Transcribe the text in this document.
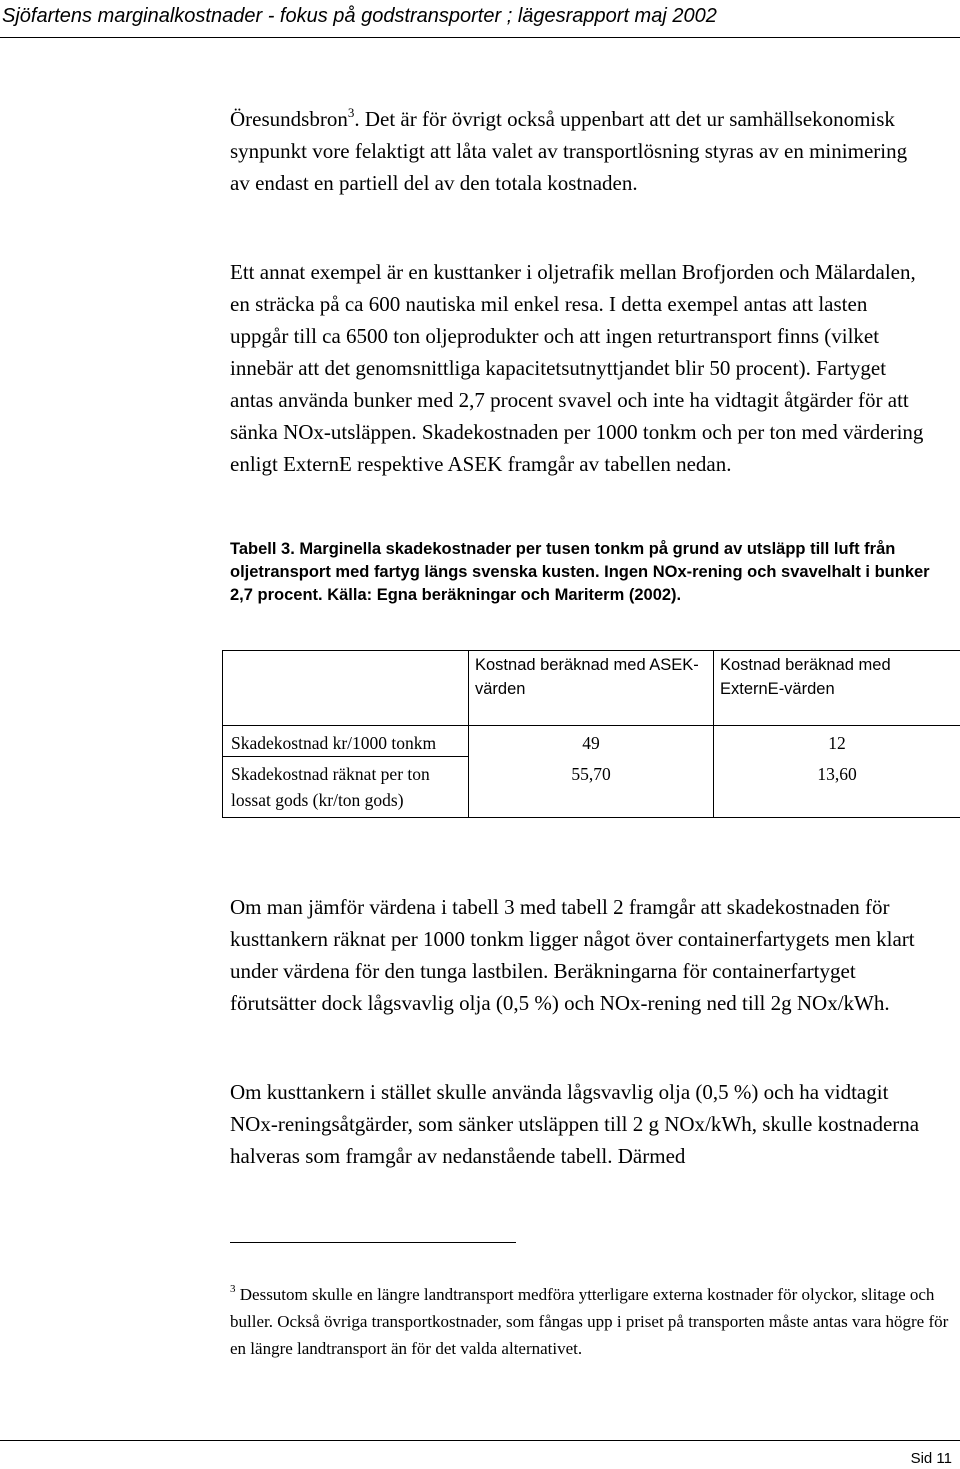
Sjöfartens marginalkostnader - fokus på godstransporter ; lägesrapport maj 2002
Öresundsbron$^3$. Det är för övrigt också uppenbart att det ur samhällsekonomisk synpunkt vore felaktigt att låta valet av transportlösning styras av en minimering av endast en partiell del av den totala kostnaden.
Ett annat exempel är en kusttanker i oljetrafik mellan Brofjorden och Mälardalen, en sträcka på ca 600 nautiska mil enkel resa. I detta exempel antas att lasten uppgår till ca 6500 ton oljeprodukter och att ingen returtransport finns (vilket innebär att det genomsnittliga kapacitetsutnyttjandet blir 50 procent). Fartyget antas använda bunker med 2,7 procent svavel och inte ha vidtagit åtgärder för att sänka NOx-utsläppen. Skadekostnaden per 1000 tonkm och per ton med värdering enligt ExternE respektive ASEK framgår av tabellen nedan.
Tabell 3. Marginella skadekostnader per tusen tonkm på grund av utsläpp till luft från oljetransport med fartyg längs svenska kusten. Ingen NOx-rening och svavelhalt i bunker 2,7 procent. Källa: Egna beräkningar och Mariterm (2002).
	Kostnad beräknad med ASEK-värden	Kostnad beräknad med ExternE-värden
Skadekostnad kr/1000 tonkm	49	12
Skadekostnad räknat per ton lossat gods (kr/ton gods)	55,70	13,60
Om man jämför värdena i tabell 3 med tabell 2 framgår att skadekostnaden för kusttankern räknat per 1000 tonkm ligger något över containerfartygets men klart under värdena för den tunga lastbilen. Beräkningarna för containerfartyget förutsätter dock lågsvavlig olja (0,5 %) och NOx-rening ned till 2g NOx/kWh.
Om kusttankern i stället skulle använda lågsvavlig olja (0,5 %) och ha vidtagit NOx-reningsåtgärder, som sänker utsläppen till 2 g NOx/kWh, skulle kostnaderna halveras som framgår av nedanstående tabell. Därmed
$^3$ Dessutom skulle en längre landtransport medföra ytterligare externa kostnader för olyckor, slitage och buller. Också övriga transportkostnader, som fångas upp i priset på transporten måste antas vara högre för en längre landtransport än för det valda alternativet.
Sid 11
